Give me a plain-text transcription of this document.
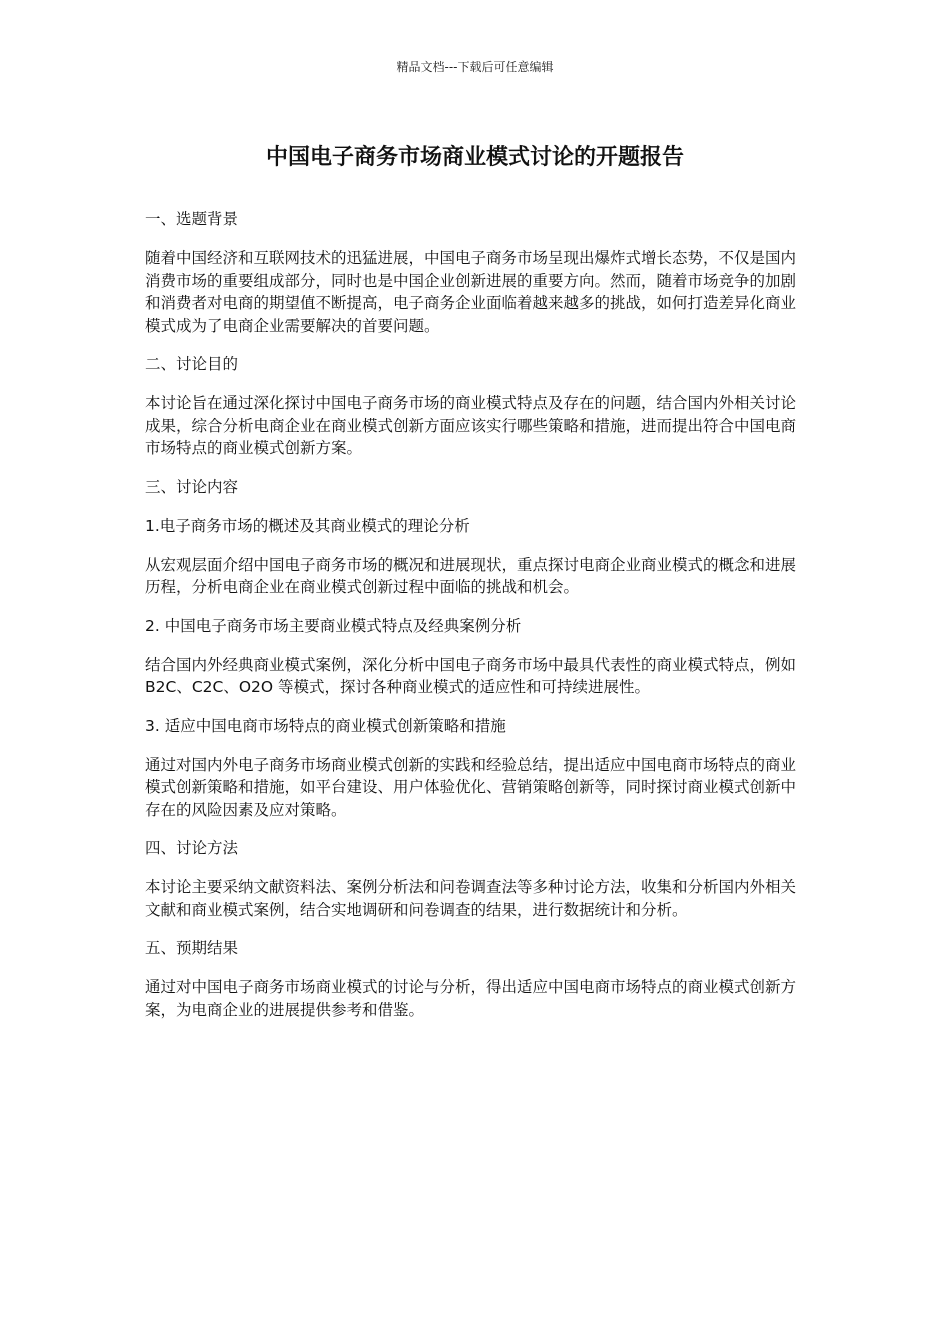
精品文档---下载后可任意编辑
中国电子商务市场商业模式讨论的开题报告
一、选题背景

随着中国经济和互联网技术的迅猛进展，中国电子商务市场呈现出爆炸式增长态势，不仅是国内消费市场的重要组成部分，同时也是中国企业创新进展的重要方向。然而，随着市场竞争的加剧和消费者对电商的期望值不断提高，电子商务企业面临着越来越多的挑战，如何打造差异化商业模式成为了电商企业需要解决的首要问题。

二、讨论目的

本讨论旨在通过深化探讨中国电子商务市场的商业模式特点及存在的问题，结合国内外相关讨论成果，综合分析电商企业在商业模式创新方面应该实行哪些策略和措施，进而提出符合中国电商市场特点的商业模式创新方案。

三、讨论内容
1.电子商务市场的概述及其商业模式的理论分析

从宏观层面介绍中国电子商务市场的概况和进展现状，重点探讨电商企业商业模式的概念和进展历程，分析电商企业在商业模式创新过程中面临的挑战和机会。

2. 中国电子商务市场主要商业模式特点及经典案例分析

结合国内外经典商业模式案例，深化分析中国电子商务市场中最具代表性的商业模式特点，例如 B2C、C2C、O2O 等模式，探讨各种商业模式的适应性和可持续进展性。

3. 适应中国电商市场特点的商业模式创新策略和措施

通过对国内外电子商务市场商业模式创新的实践和经验总结，提出适应中国电商市场特点的商业模式创新策略和措施，如平台建设、用户体验优化、营销策略创新等，同时探讨商业模式创新中存在的风险因素及应对策略。

四、讨论方法

本讨论主要采纳文献资料法、案例分析法和问卷调查法等多种讨论方法，收集和分析国内外相关文献和商业模式案例，结合实地调研和问卷调查的结果，进行数据统计和分析。

五、预期结果

通过对中国电子商务市场商业模式的讨论与分析，得出适应中国电商市场特点的商业模式创新方案，为电商企业的进展提供参考和借鉴。
